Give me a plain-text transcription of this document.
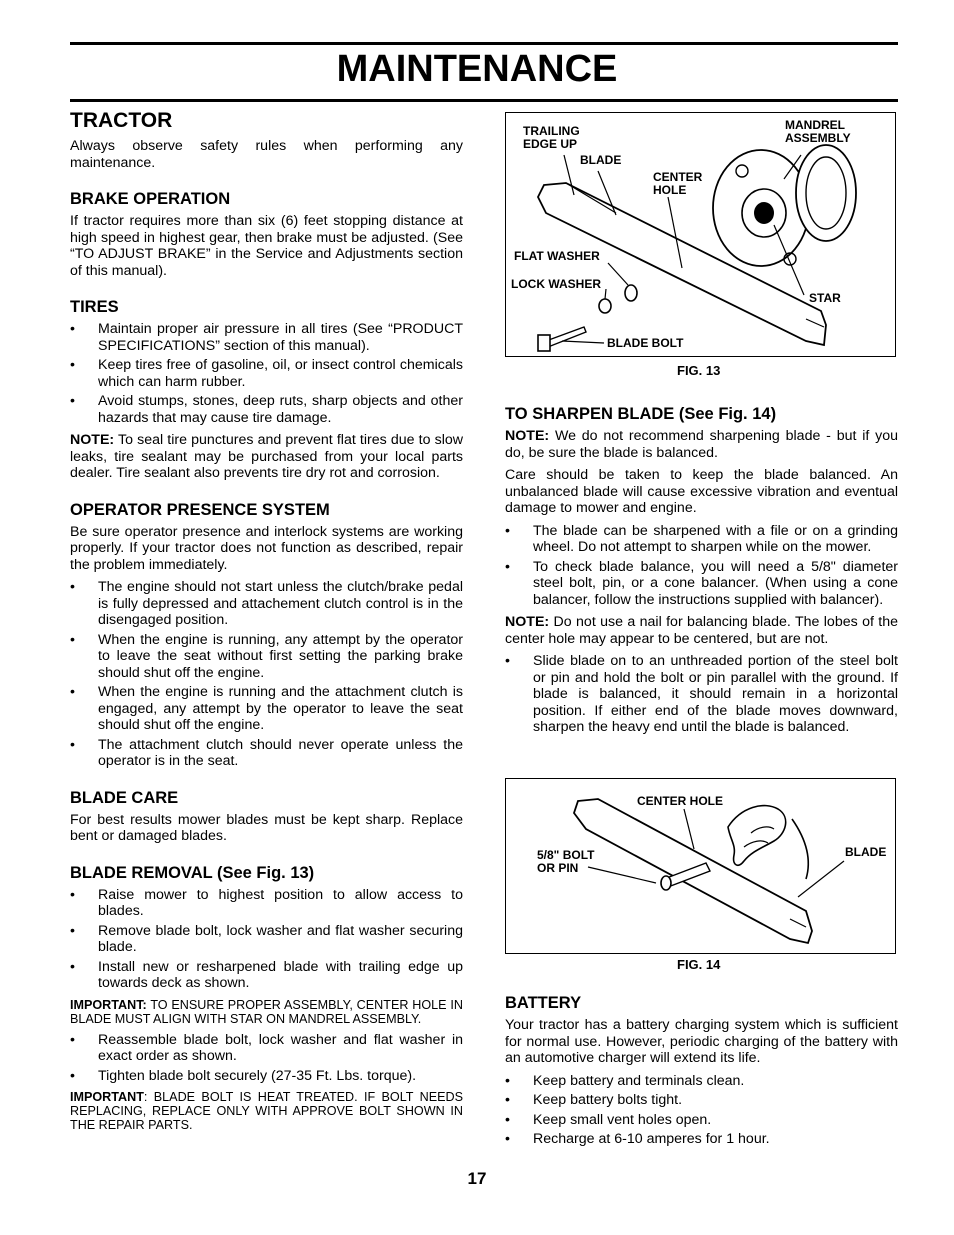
MAINTENANCE
TRACTOR

Always observe safety rules when performing any maintenance.

BRAKE OPERATION

If tractor requires more than six (6) feet stopping distance at high speed in highest gear, then brake must be adjusted. (See “TO ADJUST BRAKE” in the Service and Adjustments section of this manual).

TIRES
• Maintain proper air pressure in all tires (See “PRODUCT SPECIFICATIONS” section of this manual).
• Keep tires free of gasoline, oil, or insect control chemicals which can harm rubber.
• Avoid stumps, stones, deep ruts, sharp objects and other hazards that may cause tire damage.

NOTE: To seal tire punctures and prevent flat tires due to slow leaks, tire sealant may be purchased from your local parts dealer. Tire sealant also prevents tire dry rot and corrosion.

OPERATOR PRESENCE SYSTEM

Be sure operator presence and interlock systems are working properly. If your tractor does not function as described, repair the problem immediately.

• The engine should not start unless the clutch/brake pedal is fully depressed and attachement clutch control is in the disengaged position.
• When the engine is running, any attempt by the operator to leave the seat without first setting the parking brake should shut off the engine.
• When the engine is running and the attachment clutch is engaged, any attempt by the operator to leave the seat should shut off the engine.
• The attachment clutch should never operate unless the operator is in the seat.
BLADE CARE

For best results mower blades must be kept sharp. Replace bent or damaged blades.

BLADE REMOVAL (See Fig. 13)
• Raise mower to highest position to allow access to blades.
• Remove blade bolt, lock washer and flat washer securing blade.
• Install new or resharpened blade with trailing edge up towards deck as shown.

IMPORTANT: TO ENSURE PROPER ASSEMBLY, CENTER HOLE IN BLADE MUST ALIGN WITH STAR ON MANDREL ASSEMBLY.

• Reassemble blade bolt, lock washer and flat washer in exact order as shown.
• Tighten blade bolt securely (27-35 Ft. Lbs. torque).

IMPORTANT: BLADE BOLT IS HEAT TREATED. IF BOLT NEEDS REPLACING, REPLACE ONLY WITH APPROVE BOLT SHOWN IN THE REPAIR PARTS.

TRAILING EDGE UP
MANDREL ASSEMBLY
BLADE
CENTER HOLE
FLAT WASHER
LOCK WASHER
STAR
BLADE BOLT
FIG. 13
TO SHARPEN BLADE (See Fig. 14)

NOTE: We do not recommend sharpening blade - but if you do, be sure the blade is balanced.

Care should be taken to keep the blade balanced. An unbalanced blade will cause excessive vibration and eventual damage to mower and engine.

• The blade can be sharpened with a file or on a grinding wheel. Do not attempt to sharpen while on the mower.
• To check blade balance, you will need a 5/8" diameter steel bolt, pin, or a cone balancer. (When using a cone balancer, follow the instructions supplied with balancer).

NOTE: Do not use a nail for balancing blade. The lobes of the center hole may appear to be centered, but are not.

• Slide blade on to an unthreaded portion of the steel bolt or pin and hold the bolt or pin parallel with the ground. If blade is balanced, it should remain in a horizontal position. If either end of the blade moves downward, sharpen the heavy end until the blade is balanced.
CENTER HOLE
5/8" BOLT OR PIN
BLADE
FIG. 14
BATTERY

Your tractor has a battery charging system which is sufficient for normal use. However, periodic charging of the battery with an automotive charger will extend its life.

• Keep battery and terminals clean.
• Keep battery bolts tight.
• Keep small vent holes open.
• Recharge at 6-10 amperes for 1 hour.
17
